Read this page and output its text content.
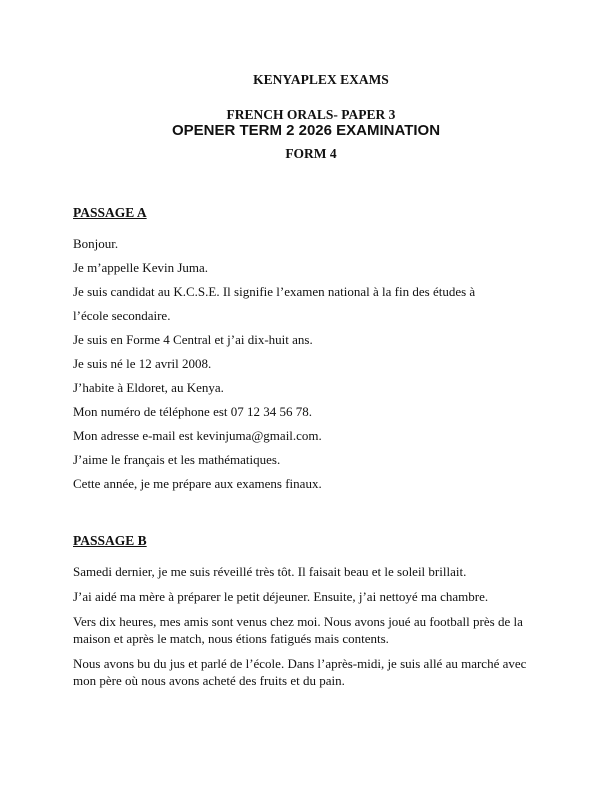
KENYAPLEX EXAMS
FRENCH ORALS- PAPER 3
OPENER TERM 2 2026 EXAMINATION
FORM 4
PASSAGE A
Bonjour.
Je m’appelle Kevin Juma.
Je suis candidat au K.C.S.E. Il signifie l’examen national à la fin des études à
l’école secondaire.
Je suis en Forme 4 Central et j’ai dix-huit ans.
Je suis né le 12 avril 2008.
J’habite à Eldoret, au Kenya.
Mon numéro de téléphone est 07 12 34 56 78.
Mon adresse e-mail est kevinjuma@gmail.com.
J’aime le français et les mathématiques.
Cette année, je me prépare aux examens finaux.
PASSAGE B
Samedi dernier, je me suis réveillé très tôt. Il faisait beau et le soleil brillait.
J’ai aidé ma mère à préparer le petit déjeuner. Ensuite, j’ai nettoyé ma chambre.
Vers dix heures, mes amis sont venus chez moi. Nous avons joué au football près de la maison et après le match, nous étions fatigués mais contents.
Nous avons bu du jus et parlé de l’école. Dans l’après-midi, je suis allé au marché avec mon père où nous avons acheté des fruits et du pain.
